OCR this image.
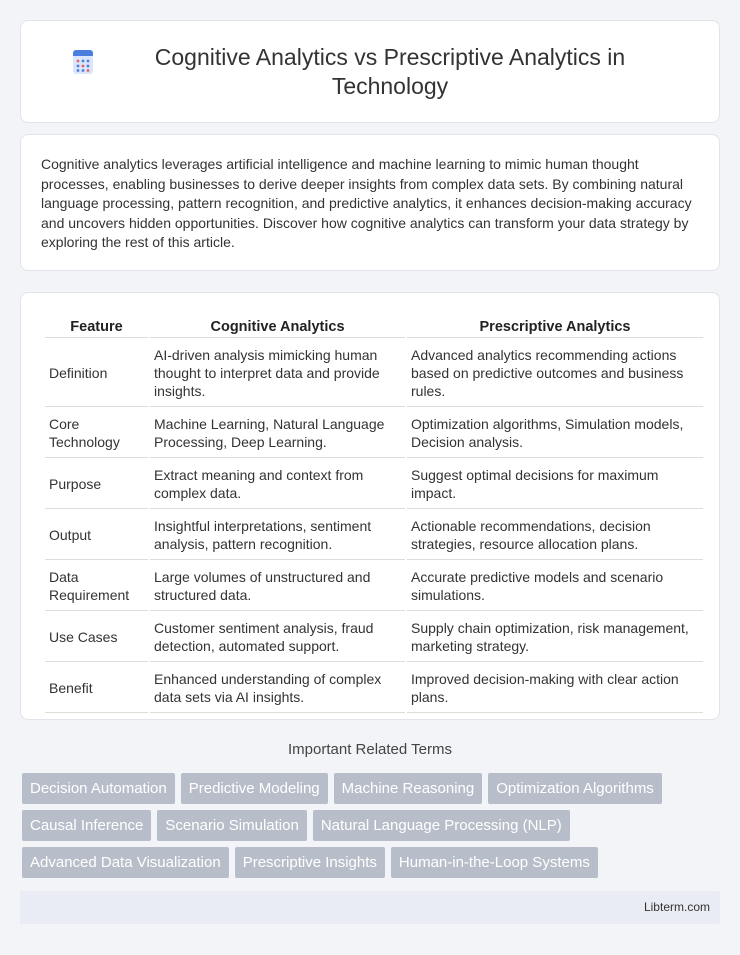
Cognitive Analytics vs Prescriptive Analytics in Technology

Cognitive analytics leverages artificial intelligence and machine learning to mimic human thought processes, enabling businesses to derive deeper insights from complex data sets. By combining natural language processing, pattern recognition, and predictive analytics, it enhances decision-making accuracy and uncovers hidden opportunities. Discover how cognitive analytics can transform your data strategy by exploring the rest of this article.

Feature	Cognitive Analytics	Prescriptive Analytics
Definition	AI-driven analysis mimicking human thought to interpret data and provide insights.	Advanced analytics recommending actions based on predictive outcomes and business rules.
Core Technology	Machine Learning, Natural Language Processing, Deep Learning.	Optimization algorithms, Simulation models, Decision analysis.
Purpose	Extract meaning and context from complex data.	Suggest optimal decisions for maximum impact.
Output	Insightful interpretations, sentiment analysis, pattern recognition.	Actionable recommendations, decision strategies, resource allocation plans.
Data Requirement	Large volumes of unstructured and structured data.	Accurate predictive models and scenario simulations.
Use Cases	Customer sentiment analysis, fraud detection, automated support.	Supply chain optimization, risk management, marketing strategy.
Benefit	Enhanced understanding of complex data sets via AI insights.	Improved decision-making with clear action plans.
Important Related Terms
Decision Automation	Predictive Modeling	Machine Reasoning	Optimization Algorithms
Causal Inference	Scenario Simulation	Natural Language Processing (NLP)
Advanced Data Visualization	Prescriptive Insights	Human-in-the-Loop Systems
Libterm.com
